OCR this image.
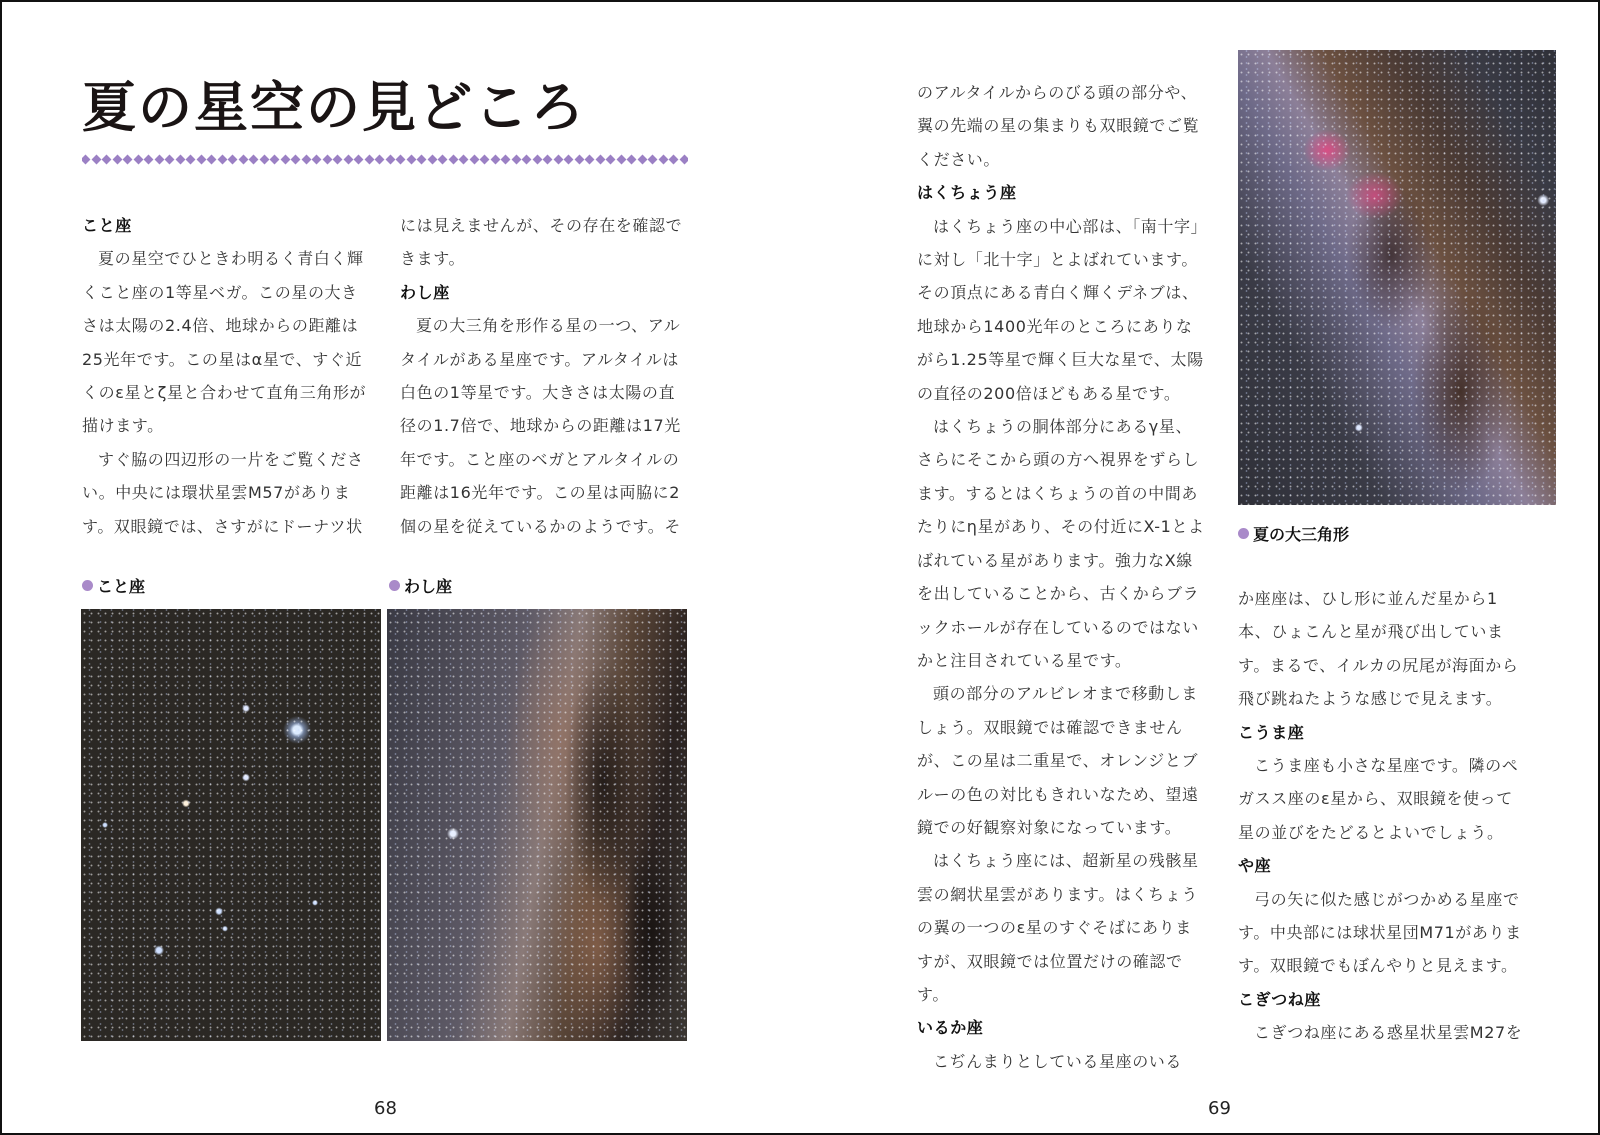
夏の星空の見どころ
こと座
夏の星空でひときわ明るく青白く輝くこと座の1等星ベガ。この星の大きさは太陽の2.4倍、地球からの距離は25光年です。この星はα星で、すぐ近くのε星とζ星と合わせて直角三角形が描けます。
すぐ脇の四辺形の一片をご覧ください。中央には環状星雲M57があります。双眼鏡では、さすがにドーナツ状
には見えませんが、その存在を確認できます。
わし座
夏の大三角を形作る星の一つ、アルタイルがある星座です。アルタイルは白色の1等星です。大きさは太陽の直径の1.7倍で、地球からの距離は17光年です。こと座のベガとアルタイルの距離は16光年です。この星は両脇に2個の星を従えているかのようです。そ
こと座	わし座
のアルタイルからのびる頭の部分や、翼の先端の星の集まりも双眼鏡でご覧ください。
はくちょう座
はくちょう座の中心部は、「南十字」に対し「北十字」とよばれています。その頂点にある青白く輝くデネブは、地球から1400光年のところにありながら1.25等星で輝く巨大な星で、太陽の直径の200倍ほどもある星です。
はくちょうの胴体部分にあるγ星、さらにそこから頭の方へ視界をずらします。するとはくちょうの首の中間あたりにη星があり、その付近にX-1とよばれている星があります。強力なX線を出していることから、古くからブラックホールが存在しているのではないかと注目されている星です。
頭の部分のアルビレオまで移動しましょう。双眼鏡では確認できませんが、この星は二重星で、オレンジとブルーの色の対比もきれいなため、望遠鏡での好観察対象になっています。
はくちょう座には、超新星の残骸星雲の網状星雲があります。はくちょうの翼の一つのε星のすぐそばにありますが、双眼鏡では位置だけの確認です。
いるか座
こぢんまりとしている星座のいる
夏の大三角形
か座座は、ひし形に並んだ星から1本、ひょこんと星が飛び出しています。まるで、イルカの尻尾が海面から飛び跳ねたような感じで見えます。
こうま座
こうま座も小さな星座です。隣のペガスス座のε星から、双眼鏡を使って星の並びをたどるとよいでしょう。
や座
弓の矢に似た感じがつかめる星座です。中央部には球状星団M71があります。双眼鏡でもぼんやりと見えます。
こぎつね座
こぎつね座にある惑星状星雲M27を
68	69
